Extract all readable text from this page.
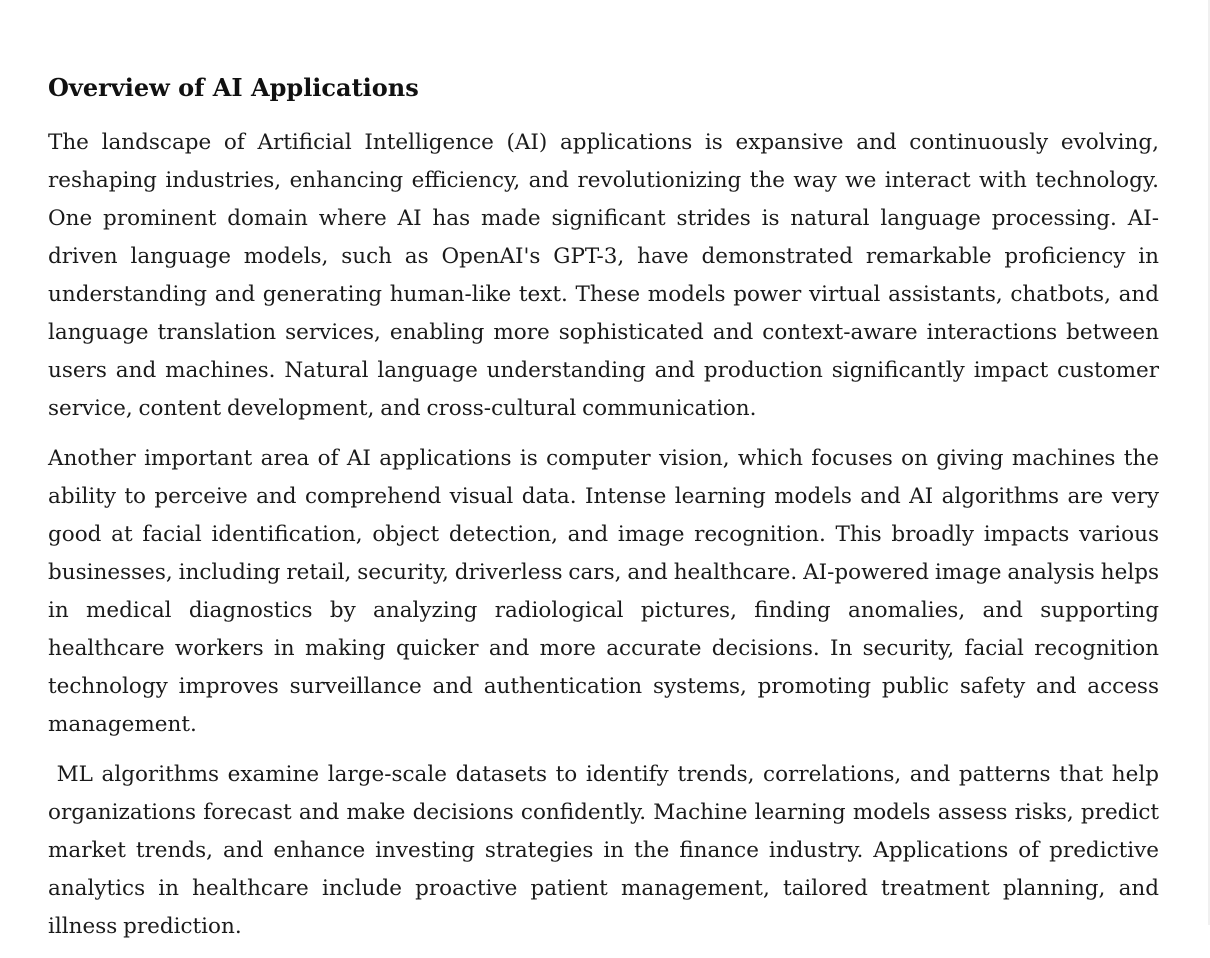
Overview of AI Applications

The landscape of Artificial Intelligence (AI) applications is expansive and continuously evolving, reshaping industries, enhancing efficiency, and revolutionizing the way we interact with technology. One prominent domain where AI has made significant strides is natural language processing. AI-driven language models, such as OpenAI's GPT-3, have demonstrated remarkable proficiency in understanding and generating human-like text. These models power virtual assistants, chatbots, and language translation services, enabling more sophisticated and context-aware interactions between users and machines. Natural language understanding and production significantly impact customer service, content development, and cross-cultural communication.

Another important area of AI applications is computer vision, which focuses on giving machines the ability to perceive and comprehend visual data. Intense learning models and AI algorithms are very good at facial identification, object detection, and image recognition. This broadly impacts various businesses, including retail, security, driverless cars, and healthcare. AI-powered image analysis helps in medical diagnostics by analyzing radiological pictures, finding anomalies, and supporting healthcare workers in making quicker and more accurate decisions. In security, facial recognition technology improves surveillance and authentication systems, promoting public safety and access management.

ML algorithms examine large-scale datasets to identify trends, correlations, and patterns that help organizations forecast and make decisions confidently. Machine learning models assess risks, predict market trends, and enhance investing strategies in the finance industry. Applications of predictive analytics in healthcare include proactive patient management, tailored treatment planning, and illness prediction.
